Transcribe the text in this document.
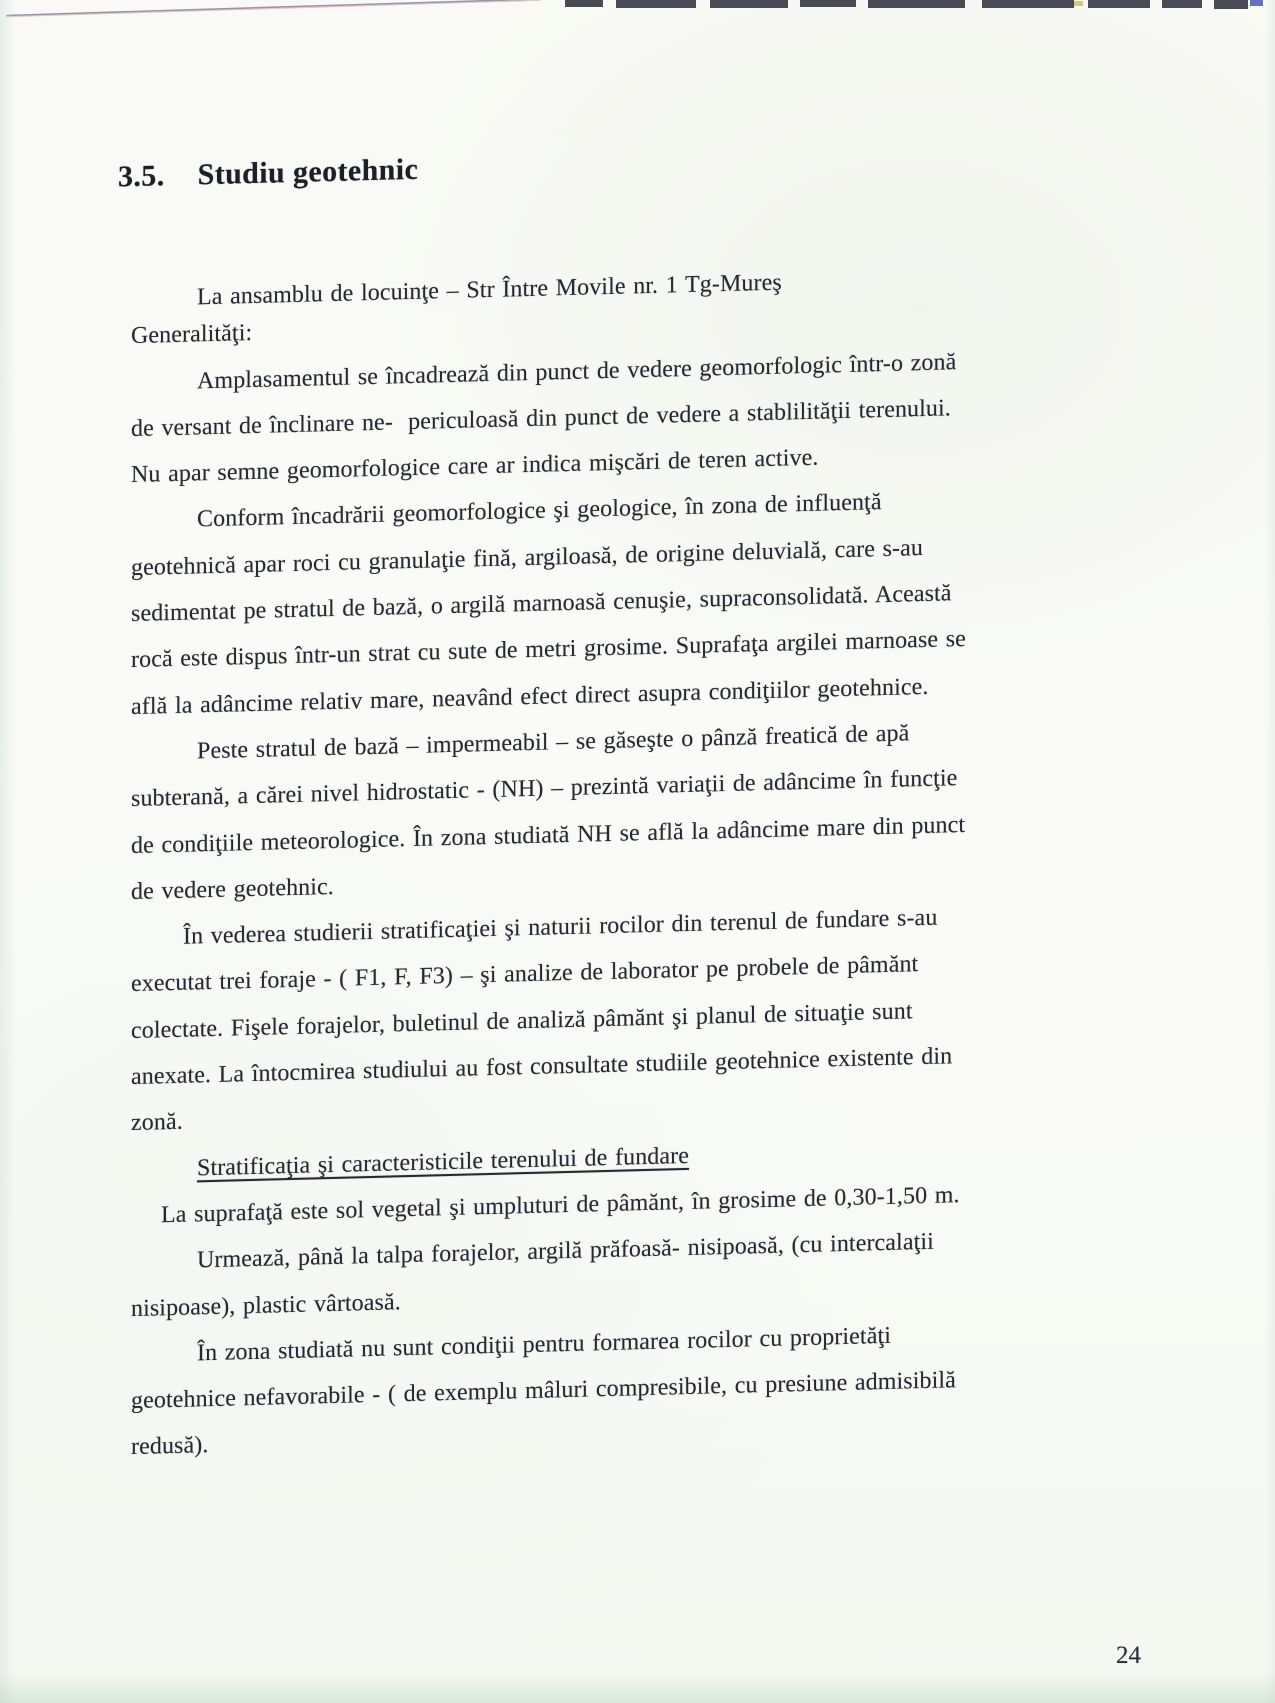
3.5. Studiu geotehnic
La ansamblu de locuinţe – Str Între Movile nr. 1 Tg-Mureş
Generalităţi:
Amplasamentul se încadrează din punct de vedere geomorfologic într-o zonă
de versant de înclinare ne-  periculoasă din punct de vedere a stablilităţii terenului.
Nu apar semne geomorfologice care ar indica mişcări de teren active.
Conform încadrării geomorfologice şi geologice, în zona de influenţă
geotehnică apar roci cu granulaţie fină, argiloasă, de origine deluvială, care s-au
sedimentat pe stratul de bază, o argilă marnoasă cenuşie, supraconsolidată. Această
rocă este dispus într-un strat cu sute de metri grosime. Suprafaţa argilei marnoase se
află la adâncime relativ mare, neavând efect direct asupra condiţiilor geotehnice.
Peste stratul de bază – impermeabil – se găseşte o pânză freatică de apă
subterană, a cărei nivel hidrostatic - (NH) – prezintă variaţii de adâncime în funcţie
de condiţiile meteorologice. În zona studiată NH se află la adâncime mare din punct
de vedere geotehnic.
În vederea studierii stratificaţiei şi naturii rocilor din terenul de fundare s-au
executat trei foraje - ( F1, F, F3) – şi analize de laborator pe probele de pâmănt
colectate. Fişele forajelor, buletinul de analiză pâmănt şi planul de situaţie sunt
anexate. La întocmirea studiului au fost consultate studiile geotehnice existente din
zonă.
Stratificaţia şi caracteristicile terenului de fundare
La suprafaţă este sol vegetal şi umpluturi de pâmănt, în grosime de 0,30-1,50 m.
Urmează, până la talpa forajelor, argilă prăfoasă- nisipoasă, (cu intercalaţii
nisipoase), plastic vârtoasă.
În zona studiată nu sunt condiţii pentru formarea rocilor cu proprietăţi
geotehnice nefavorabile - ( de exemplu mâluri compresibile, cu presiune admisibilă
redusă).
24
